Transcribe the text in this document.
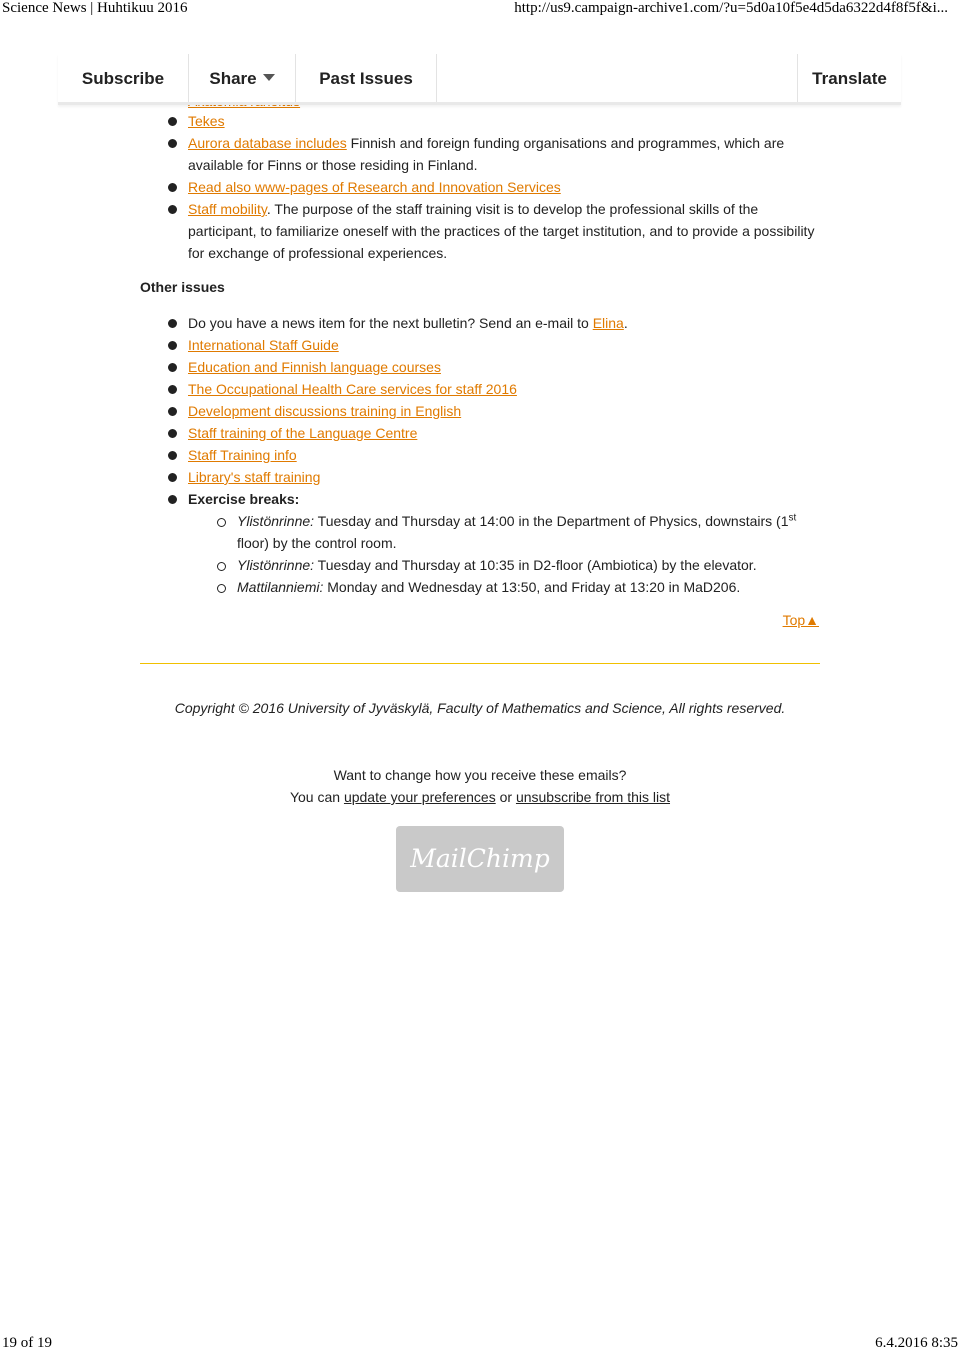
Science News | Huhtikuu 2016	http://us9.campaign-archive1.com/?u=5d0a10f5e4d5da6322d4f8f5f&i...
Subscribe	Share	Past Issues	Translate
Tekes
Aurora database includes Finnish and foreign funding organisations and programmes, which are available for Finns or those residing in Finland.
Read also www-pages of Research and Innovation Services
Staff mobility. The purpose of the staff training visit is to develop the professional skills of the participant, to familiarize oneself with the practices of the target institution, and to provide a possibility for exchange of professional experiences.
Other issues
Do you have a news item for the next bulletin? Send an e-mail to Elina.
International Staff Guide
Education and Finnish language courses
The Occupational Health Care services for staff 2016
Development discussions training in English
Staff training of the Language Centre
Staff Training info
Library's staff training
Exercise breaks:
Ylistönrinne: Tuesday and Thursday at 14:00 in the Department of Physics, downstairs (1st floor) by the control room.
Ylistönrinne: Tuesday and Thursday at 10:35 in D2-floor (Ambiotica) by the elevator.
Mattilanniemi: Monday and Wednesday at 13:50, and Friday at 13:20 in MaD206.
Top▲
Copyright © 2016 University of Jyväskylä, Faculty of Mathematics and Science, All rights reserved.
Want to change how you receive these emails?
You can update your preferences or unsubscribe from this list
MailChimp
19 of 19	6.4.2016 8:35
